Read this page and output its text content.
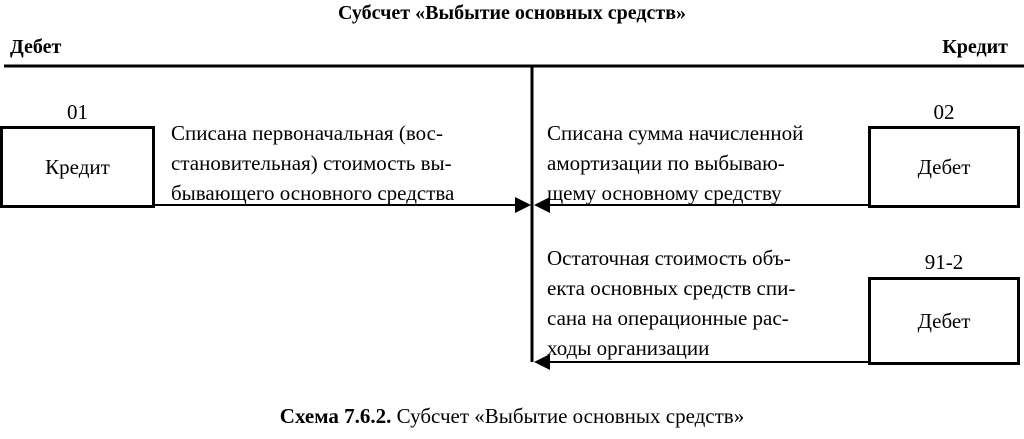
Субсчет «Выбытие основных средств»
Дебет	Кредит
01
Кредит
Списана первоначальная (вос-
становительная) стоимость вы-
бывающего основного средства
02
Дебет
Списана сумма начисленной
амортизации по выбываю-
щему основному средству
91-2
Дебет
Остаточная стоимость объ-
екта основных средств спи-
сана на операционные рас-
ходы организации
Схема 7.6.2. Субсчет «Выбытие основных средств»
